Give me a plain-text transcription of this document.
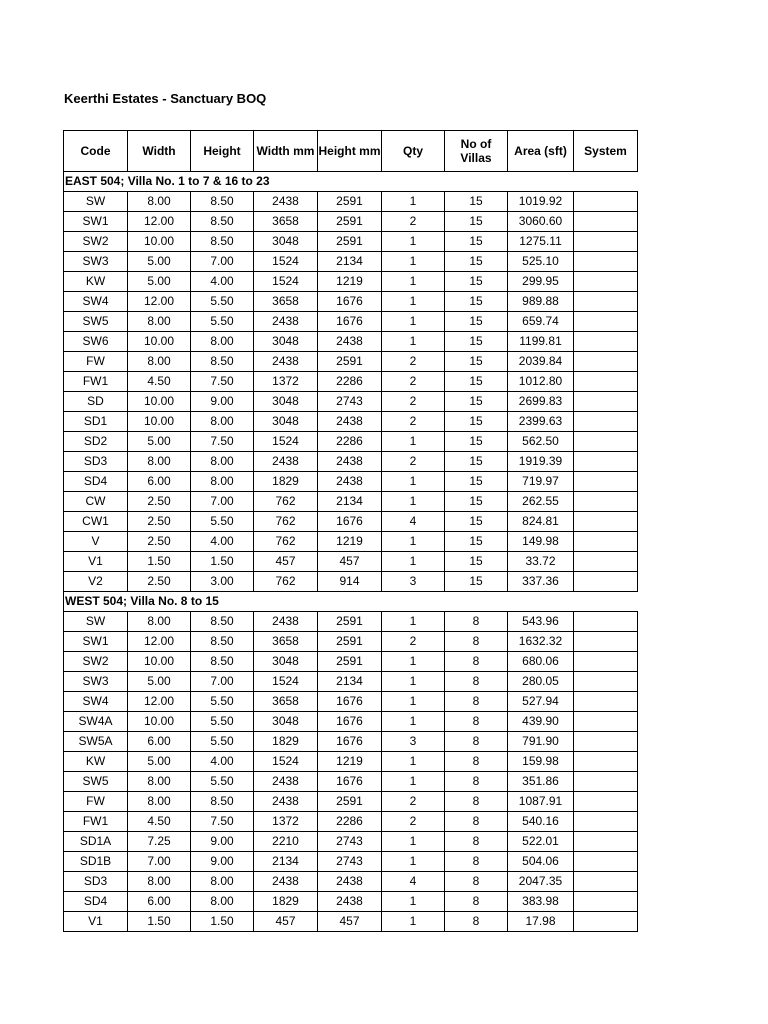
Keerthi Estates - Sanctuary BOQ
Code	Width	Height	Width mm	Height mm	Qty	No of Villas	Area (sft)	System
EAST 504; Villa No. 1 to 7 & 16 to 23								
SW	8.00	8.50	2438	2591	1	15	1019.92	
SW1	12.00	8.50	3658	2591	2	15	3060.60	
SW2	10.00	8.50	3048	2591	1	15	1275.11	
SW3	5.00	7.00	1524	2134	1	15	525.10	
KW	5.00	4.00	1524	1219	1	15	299.95	
SW4	12.00	5.50	3658	1676	1	15	989.88	
SW5	8.00	5.50	2438	1676	1	15	659.74	
SW6	10.00	8.00	3048	2438	1	15	1199.81	
FW	8.00	8.50	2438	2591	2	15	2039.84	
FW1	4.50	7.50	1372	2286	2	15	1012.80	
SD	10.00	9.00	3048	2743	2	15	2699.83	
SD1	10.00	8.00	3048	2438	2	15	2399.63	
SD2	5.00	7.50	1524	2286	1	15	562.50	
SD3	8.00	8.00	2438	2438	2	15	1919.39	
SD4	6.00	8.00	1829	2438	1	15	719.97	
CW	2.50	7.00	762	2134	1	15	262.55	
CW1	2.50	5.50	762	1676	4	15	824.81	
V	2.50	4.00	762	1219	1	15	149.98	
V1	1.50	1.50	457	457	1	15	33.72	
V2	2.50	3.00	762	914	3	15	337.36	
WEST 504; Villa No. 8 to 15								
SW	8.00	8.50	2438	2591	1	8	543.96	
SW1	12.00	8.50	3658	2591	2	8	1632.32	
SW2	10.00	8.50	3048	2591	1	8	680.06	
SW3	5.00	7.00	1524	2134	1	8	280.05	
SW4	12.00	5.50	3658	1676	1	8	527.94	
SW4A	10.00	5.50	3048	1676	1	8	439.90	
SW5A	6.00	5.50	1829	1676	3	8	791.90	
KW	5.00	4.00	1524	1219	1	8	159.98	
SW5	8.00	5.50	2438	1676	1	8	351.86	
FW	8.00	8.50	2438	2591	2	8	1087.91	
FW1	4.50	7.50	1372	2286	2	8	540.16	
SD1A	7.25	9.00	2210	2743	1	8	522.01	
SD1B	7.00	9.00	2134	2743	1	8	504.06	
SD3	8.00	8.00	2438	2438	4	8	2047.35	
SD4	6.00	8.00	1829	2438	1	8	383.98	
V1	1.50	1.50	457	457	1	8	17.98	
